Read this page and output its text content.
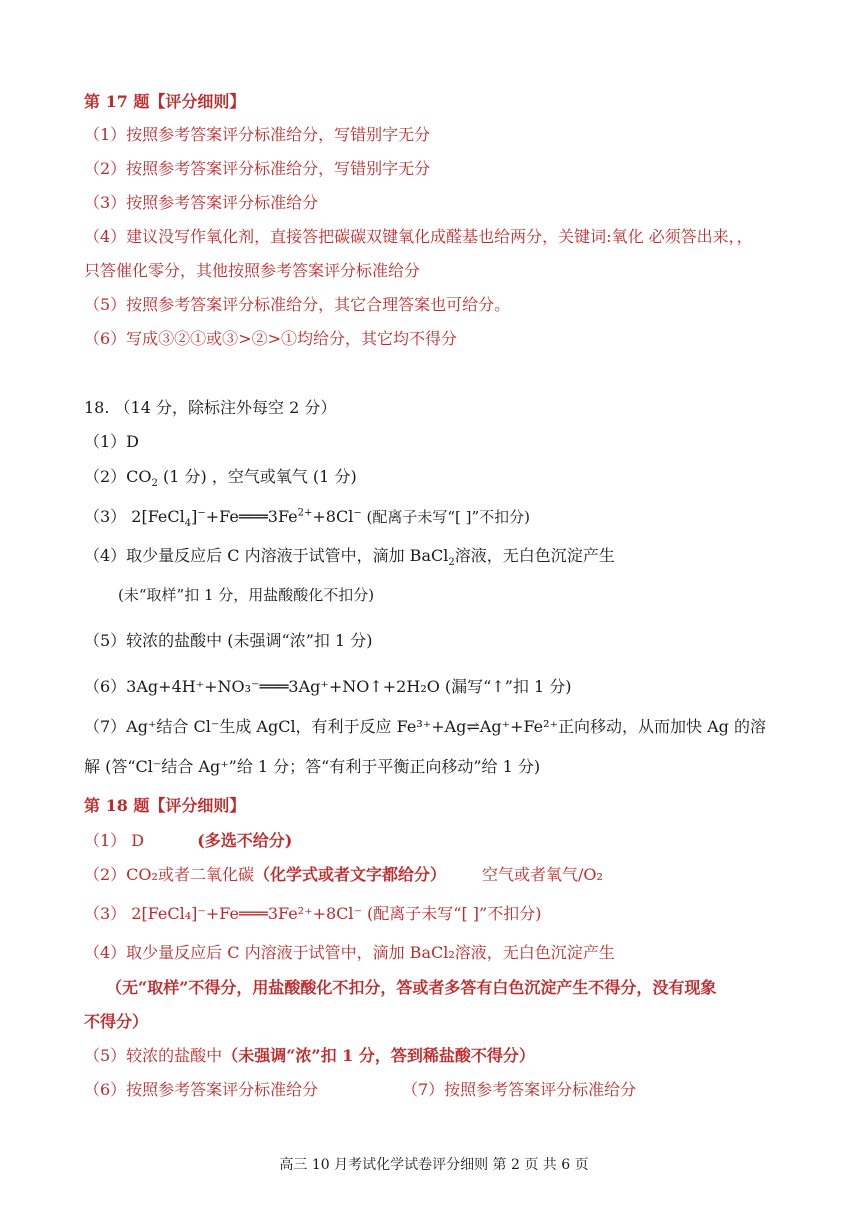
第 17 题【评分细则】
（1）按照参考答案评分标准给分，写错别字无分
（2）按照参考答案评分标准给分，写错别字无分
（3）按照参考答案评分标准给分
（4）建议没写作氧化剂，直接答把碳碳双键氧化成醛基也给两分，关键词:氧化 必须答出来，，
只答催化零分，其他按照参考答案评分标准给分
（5）按照参考答案评分标准给分，其它合理答案也可给分。
（6）写成③②①或③>②>①均给分，其它均不得分
18. （14 分，除标注外每空 2 分）
（1）D
$(2)CO_2$ (1 分) ，空气或氧气 (1 分)
（3） $2[FeCl_4]^-+Fe═══3Fe^{2+}+8Cl^-$ (配离子未写“[ ]”不扣分)
（4）取少量反应后 C 内溶液于试管中，滴加 BaCl$_2$溶液，无白色沉淀产生
(未“取样”扣 1 分，用盐酸酸化不扣分)
（5）较浓的盐酸中 (未强调“浓”扣 1 分)
（6）3Ag+4H⁺+NO₃⁻═══3Ag⁺+NO↑+2H₂O (漏写“↑”扣 1 分)
（7）Ag⁺结合 Cl⁻生成 AgCl，有利于反应 Fe³⁺+Ag⇌Ag⁺+Fe²⁺正向移动，从而加快 Ag 的溶
解 (答“Cl⁻结合 Ag⁺”给 1 分；答“有利于平衡正向移动”给 1 分)
第 18 题【评分细则】
（1） D	(多选不给分)
（2）CO₂或者二氧化碳（化学式或者文字都给分） 空气或者氧气/O₂
（3） 2[FeCl₄]⁻+Fe═══3Fe²⁺+8Cl⁻ (配离子未写“[ ]”不扣分)
（4）取少量反应后 C 内溶液于试管中，滴加 BaCl₂溶液，无白色沉淀产生
（无“取样”不得分，用盐酸酸化不扣分，答或者多答有白色沉淀产生不得分，没有现象
不得分）
（5）较浓的盐酸中（未强调“浓”扣 1 分，答到稀盐酸不得分）
（6）按照参考答案评分标准给分	（7）按照参考答案评分标准给分
高三 10 月考试化学试卷评分细则 第 2 页 共 6 页
